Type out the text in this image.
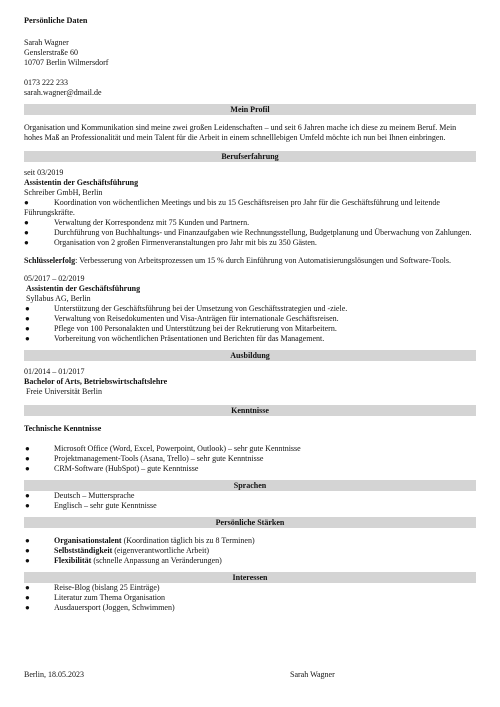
Persönliche Daten
Sarah Wagner
Genslerstraße 60
10707 Berlin Wilmersdorf
0173 222 233
sarah.wagner@dmail.de
Mein Profil
Organisation und Kommunikation sind meine zwei großen Leidenschaften – und seit 6 Jahren mache ich diese zu meinem Beruf. Mein hohes Maß an Professionalität und mein Talent für die Arbeit in einem schnelllebigen Umfeld möchte ich nun bei Ihnen einbringen.
Berufserfahrung
seit 03/2019
Assistentin der Geschäftsführung
Schreiber GmbH, Berlin
●	Koordination von wöchentlichen Meetings und bis zu 15 Geschäftsreisen pro Jahr für die Geschäftsführung und leitende Führungskräfte.
●	Verwaltung der Korrespondenz mit 75 Kunden und Partnern.
●	Durchführung von Buchhaltungs- und Finanzaufgaben wie Rechnungsstellung, Budgetplanung und Überwachung von Zahlungen.
●	Organisation von 2 großen Firmenveranstaltungen pro Jahr mit bis zu 350 Gästen.
Schlüsselerfolg: Verbesserung von Arbeitsprozessen um 15 % durch Einführung von Automatisierungslösungen und Software-Tools.
05/2017 – 02/2019
Assistentin der Geschäftsführung
Syllabus AG, Berlin
●	Unterstützung der Geschäftsführung bei der Umsetzung von Geschäftsstrategien und -ziele.
●	Verwaltung von Reisedokumenten und Visa-Anträgen für internationale Geschäftsreisen.
●	Pflege von 100 Personalakten und Unterstützung bei der Rekrutierung von Mitarbeitern.
●	Vorbereitung von wöchentlichen Präsentationen und Berichten für das Management.
Ausbildung
01/2014 – 01/2017
Bachelor of Arts, Betriebswirtschaftslehre
Freie Universität Berlin
Kenntnisse
Technische Kenntnisse
●	Microsoft Office (Word, Excel, Powerpoint, Outlook) – sehr gute Kenntnisse
●	Projektmanagement-Tools (Asana, Trello) – sehr gute Kenntnisse
●	CRM-Software (HubSpot) – gute Kenntnisse
Sprachen
●	Deutsch – Muttersprache
●	Englisch – sehr gute Kenntnisse
Persönliche Stärken
●	Organisationstalent (Koordination täglich bis zu 8 Terminen)
●	Selbstständigkeit (eigenverantwortliche Arbeit)
●	Flexibilität (schnelle Anpassung an Veränderungen)
Interessen
●	Reise-Blog (bislang 25 Einträge)
●	Literatur zum Thema Organisation
●	Ausdauersport (Joggen, Schwimmen)
Berlin, 18.05.2023	Sarah Wagner
